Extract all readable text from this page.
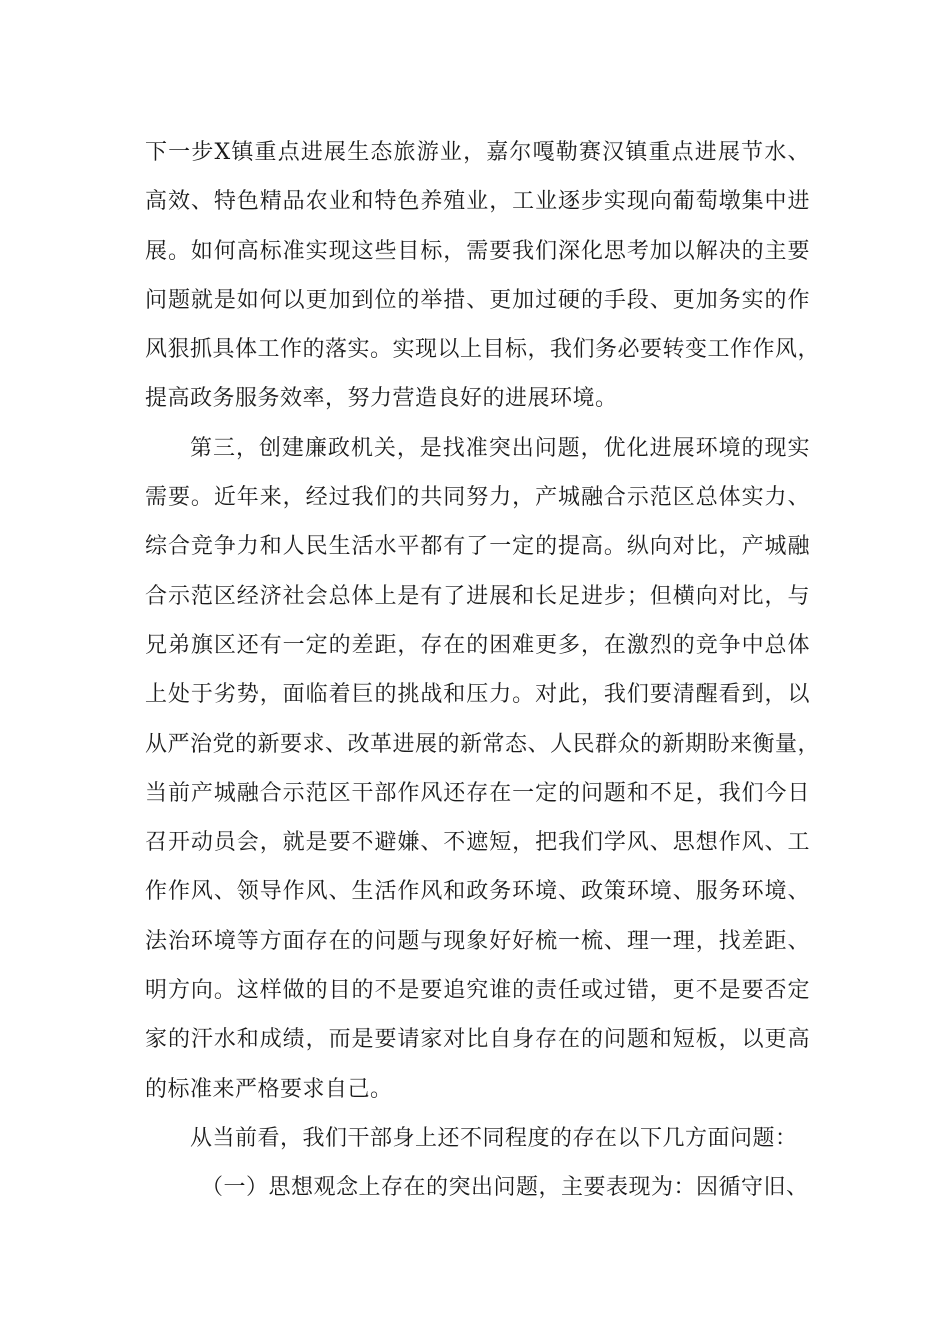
下一步X镇重点进展生态旅游业，嘉尔嘎勒赛汉镇重点进展节水、
高效、特色精品农业和特色养殖业，工业逐步实现向葡萄墩集中进
展。如何高标准实现这些目标，需要我们深化思考加以解决的主要
问题就是如何以更加到位的举措、更加过硬的手段、更加务实的作
风狠抓具体工作的落实。实现以上目标，我们务必要转变工作作风，
提高政务服务效率，努力营造良好的进展环境。
第三，创建廉政机关，是找准突出问题，优化进展环境的现实
需要。近年来，经过我们的共同努力，产城融合示范区总体实力、
综合竞争力和人民生活水平都有了一定的提高。纵向对比，产城融
合示范区经济社会总体上是有了进展和长足进步；但横向对比，与
兄弟旗区还有一定的差距，存在的困难更多，在激烈的竞争中总体
上处于劣势，面临着巨的挑战和压力。对此，我们要清醒看到，以
从严治党的新要求、改革进展的新常态、人民群众的新期盼来衡量，
当前产城融合示范区干部作风还存在一定的问题和不足，我们今日
召开动员会，就是要不避嫌、不遮短，把我们学风、思想作风、工
作作风、领导作风、生活作风和政务环境、政策环境、服务环境、
法治环境等方面存在的问题与现象好好梳一梳、理一理，找差距、
明方向。这样做的目的不是要追究谁的责任或过错，更不是要否定
家的汗水和成绩，而是要请家对比自身存在的问题和短板，以更高
的标准来严格要求自己。
从当前看，我们干部身上还不同程度的存在以下几方面问题：
（一）思想观念上存在的突出问题，主要表现为：因循守旧、
